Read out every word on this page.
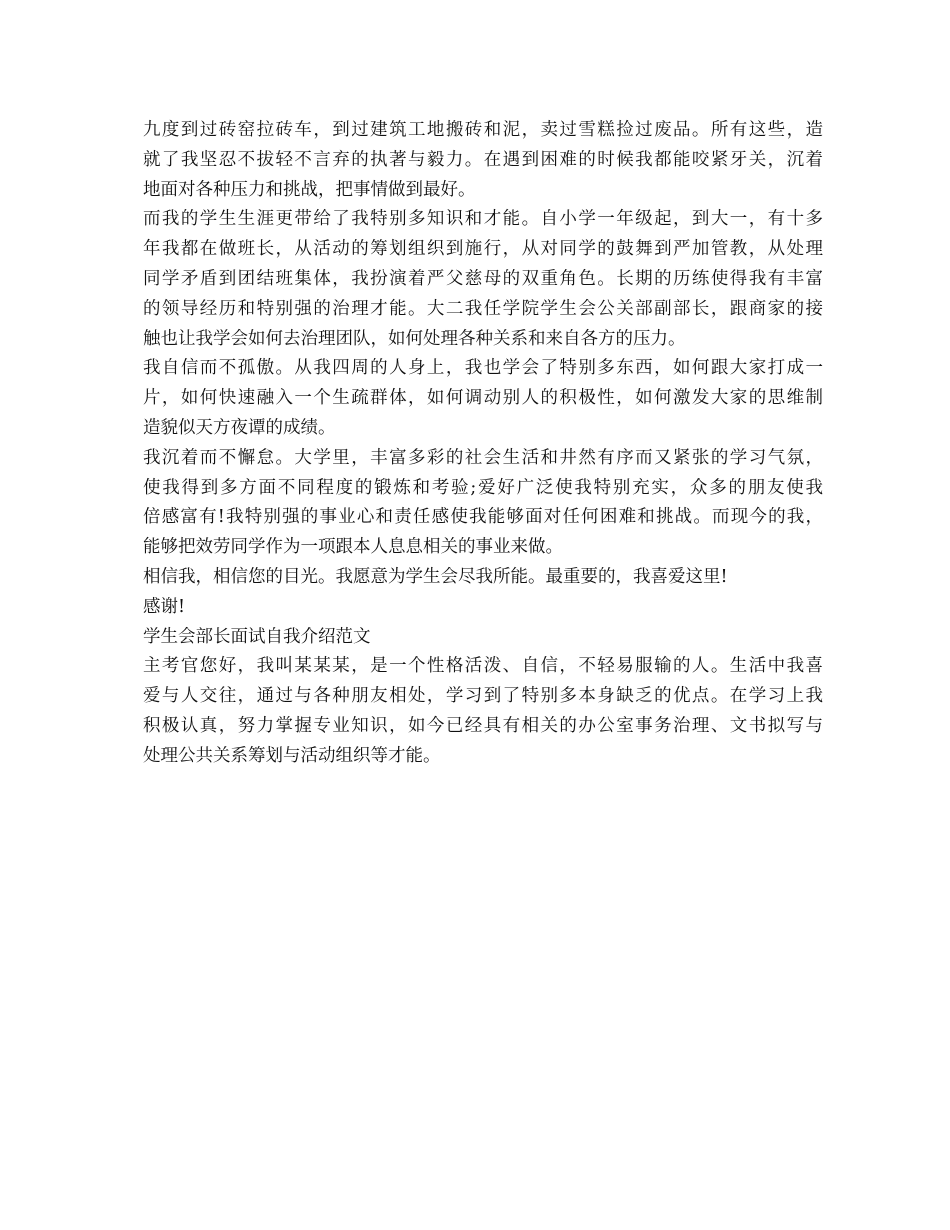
九度到过砖窑拉砖车，到过建筑工地搬砖和泥，卖过雪糕捡过废品。所有这些，造
就了我坚忍不拔轻不言弃的执著与毅力。在遇到困难的时候我都能咬紧牙关，沉着
地面对各种压力和挑战，把事情做到最好。
而我的学生生涯更带给了我特别多知识和才能。自小学一年级起，到大一，有十多
年我都在做班长，从活动的筹划组织到施行，从对同学的鼓舞到严加管教，从处理
同学矛盾到团结班集体，我扮演着严父慈母的双重角色。长期的历练使得我有丰富
的领导经历和特别强的治理才能。大二我任学院学生会公关部副部长，跟商家的接
触也让我学会如何去治理团队，如何处理各种关系和来自各方的压力。
我自信而不孤傲。从我四周的人身上，我也学会了特别多东西，如何跟大家打成一
片，如何快速融入一个生疏群体，如何调动别人的积极性，如何激发大家的思维制
造貌似天方夜谭的成绩。
我沉着而不懈怠。大学里，丰富多彩的社会生活和井然有序而又紧张的学习气氛，
使我得到多方面不同程度的锻炼和考验;爱好广泛使我特别充实，众多的朋友使我
倍感富有!我特别强的事业心和责任感使我能够面对任何困难和挑战。而现今的我，
能够把效劳同学作为一项跟本人息息相关的事业来做。
相信我，相信您的目光。我愿意为学生会尽我所能。最重要的，我喜爱这里!
感谢!
学生会部长面试自我介绍范文
主考官您好，我叫某某某，是一个性格活泼、自信，不轻易服输的人。生活中我喜
爱与人交往，通过与各种朋友相处，学习到了特别多本身缺乏的优点。在学习上我
积极认真，努力掌握专业知识，如今已经具有相关的办公室事务治理、文书拟写与
处理公共关系筹划与活动组织等才能。
